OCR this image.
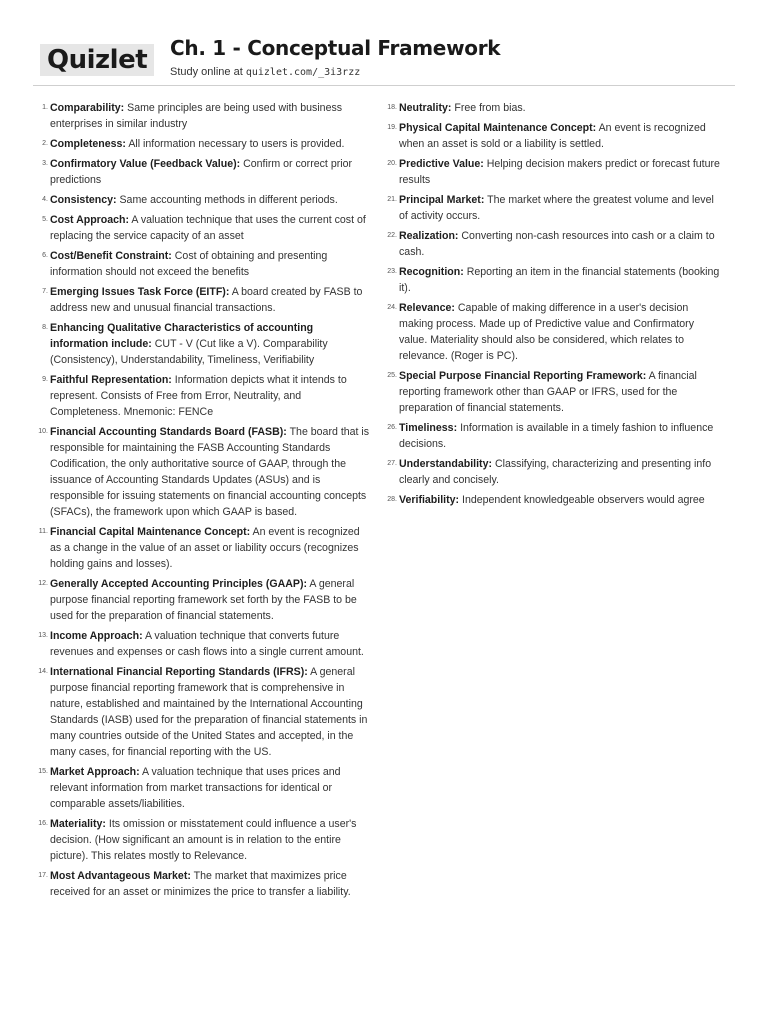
Quizlet	Ch. 1 - Conceptual Framework
Study online at quizlet.com/_3i3rzz
1. Comparability: Same principles are being used with business enterprises in similar industry
2. Completeness: All information necessary to users is provided.
3. Confirmatory Value (Feedback Value): Confirm or correct prior predictions
4. Consistency: Same accounting methods in different periods.
5. Cost Approach: A valuation technique that uses the current cost of replacing the service capacity of an asset
6. Cost/Benefit Constraint: Cost of obtaining and presenting information should not exceed the benefits
7. Emerging Issues Task Force (EITF): A board created by FASB to address new and unusual financial transactions.
8. Enhancing Qualitative Characteristics of accounting information include: CUT - V (Cut like a V). Comparability (Consistency), Understandability, Timeliness, Verifiability
9. Faithful Representation: Information depicts what it intends to represent. Consists of Free from Error, Neutrality, and Completeness. Mnemonic: FENCe
10. Financial Accounting Standards Board (FASB): The board that is responsible for maintaining the FASB Accounting Standards Codification, the only authoritative source of GAAP, through the issuance of Accounting Standards Updates (ASUs) and is responsible for issuing statements on financial accounting concepts (SFACs), the framework upon which GAAP is based.
11. Financial Capital Maintenance Concept: An event is recognized as a change in the value of an asset or liability occurs (recognizes holding gains and losses).
12. Generally Accepted Accounting Principles (GAAP): A general purpose financial reporting framework set forth by the FASB to be used for the preparation of financial statements.
13. Income Approach: A valuation technique that converts future revenues and expenses or cash flows into a single current amount.
14. International Financial Reporting Standards (IFRS): A general purpose financial reporting framework that is comprehensive in nature, established and maintained by the International Accounting Standards (IASB) used for the preparation of financial statements in many countries outside of the United States and accepted, in the many cases, for financial reporting with the US.
15. Market Approach: A valuation technique that uses prices and relevant information from market transactions for identical or comparable assets/liabilities.
16. Materiality: Its omission or misstatement could influence a user's decision. (How significant an amount is in relation to the entire picture). This relates mostly to Relevance.
17. Most Advantageous Market: The market that maximizes price received for an asset or minimizes the price to transfer a liability.
18. Neutrality: Free from bias.
19. Physical Capital Maintenance Concept: An event is recognized when an asset is sold or a liability is settled.
20. Predictive Value: Helping decision makers predict or forecast future results
21. Principal Market: The market where the greatest volume and level of activity occurs.
22. Realization: Converting non-cash resources into cash or a claim to cash.
23. Recognition: Reporting an item in the financial statements (booking it).
24. Relevance: Capable of making difference in a user's decision making process. Made up of Predictive value and Confirmatory value. Materiality should also be considered, which relates to relevance. (Roger is PC).
25. Special Purpose Financial Reporting Framework: A financial reporting framework other than GAAP or IFRS, used for the preparation of financial statements.
26. Timeliness: Information is available in a timely fashion to influence decisions.
27. Understandability: Classifying, characterizing and presenting info clearly and concisely.
28. Verifiability: Independent knowledgeable observers would agree
